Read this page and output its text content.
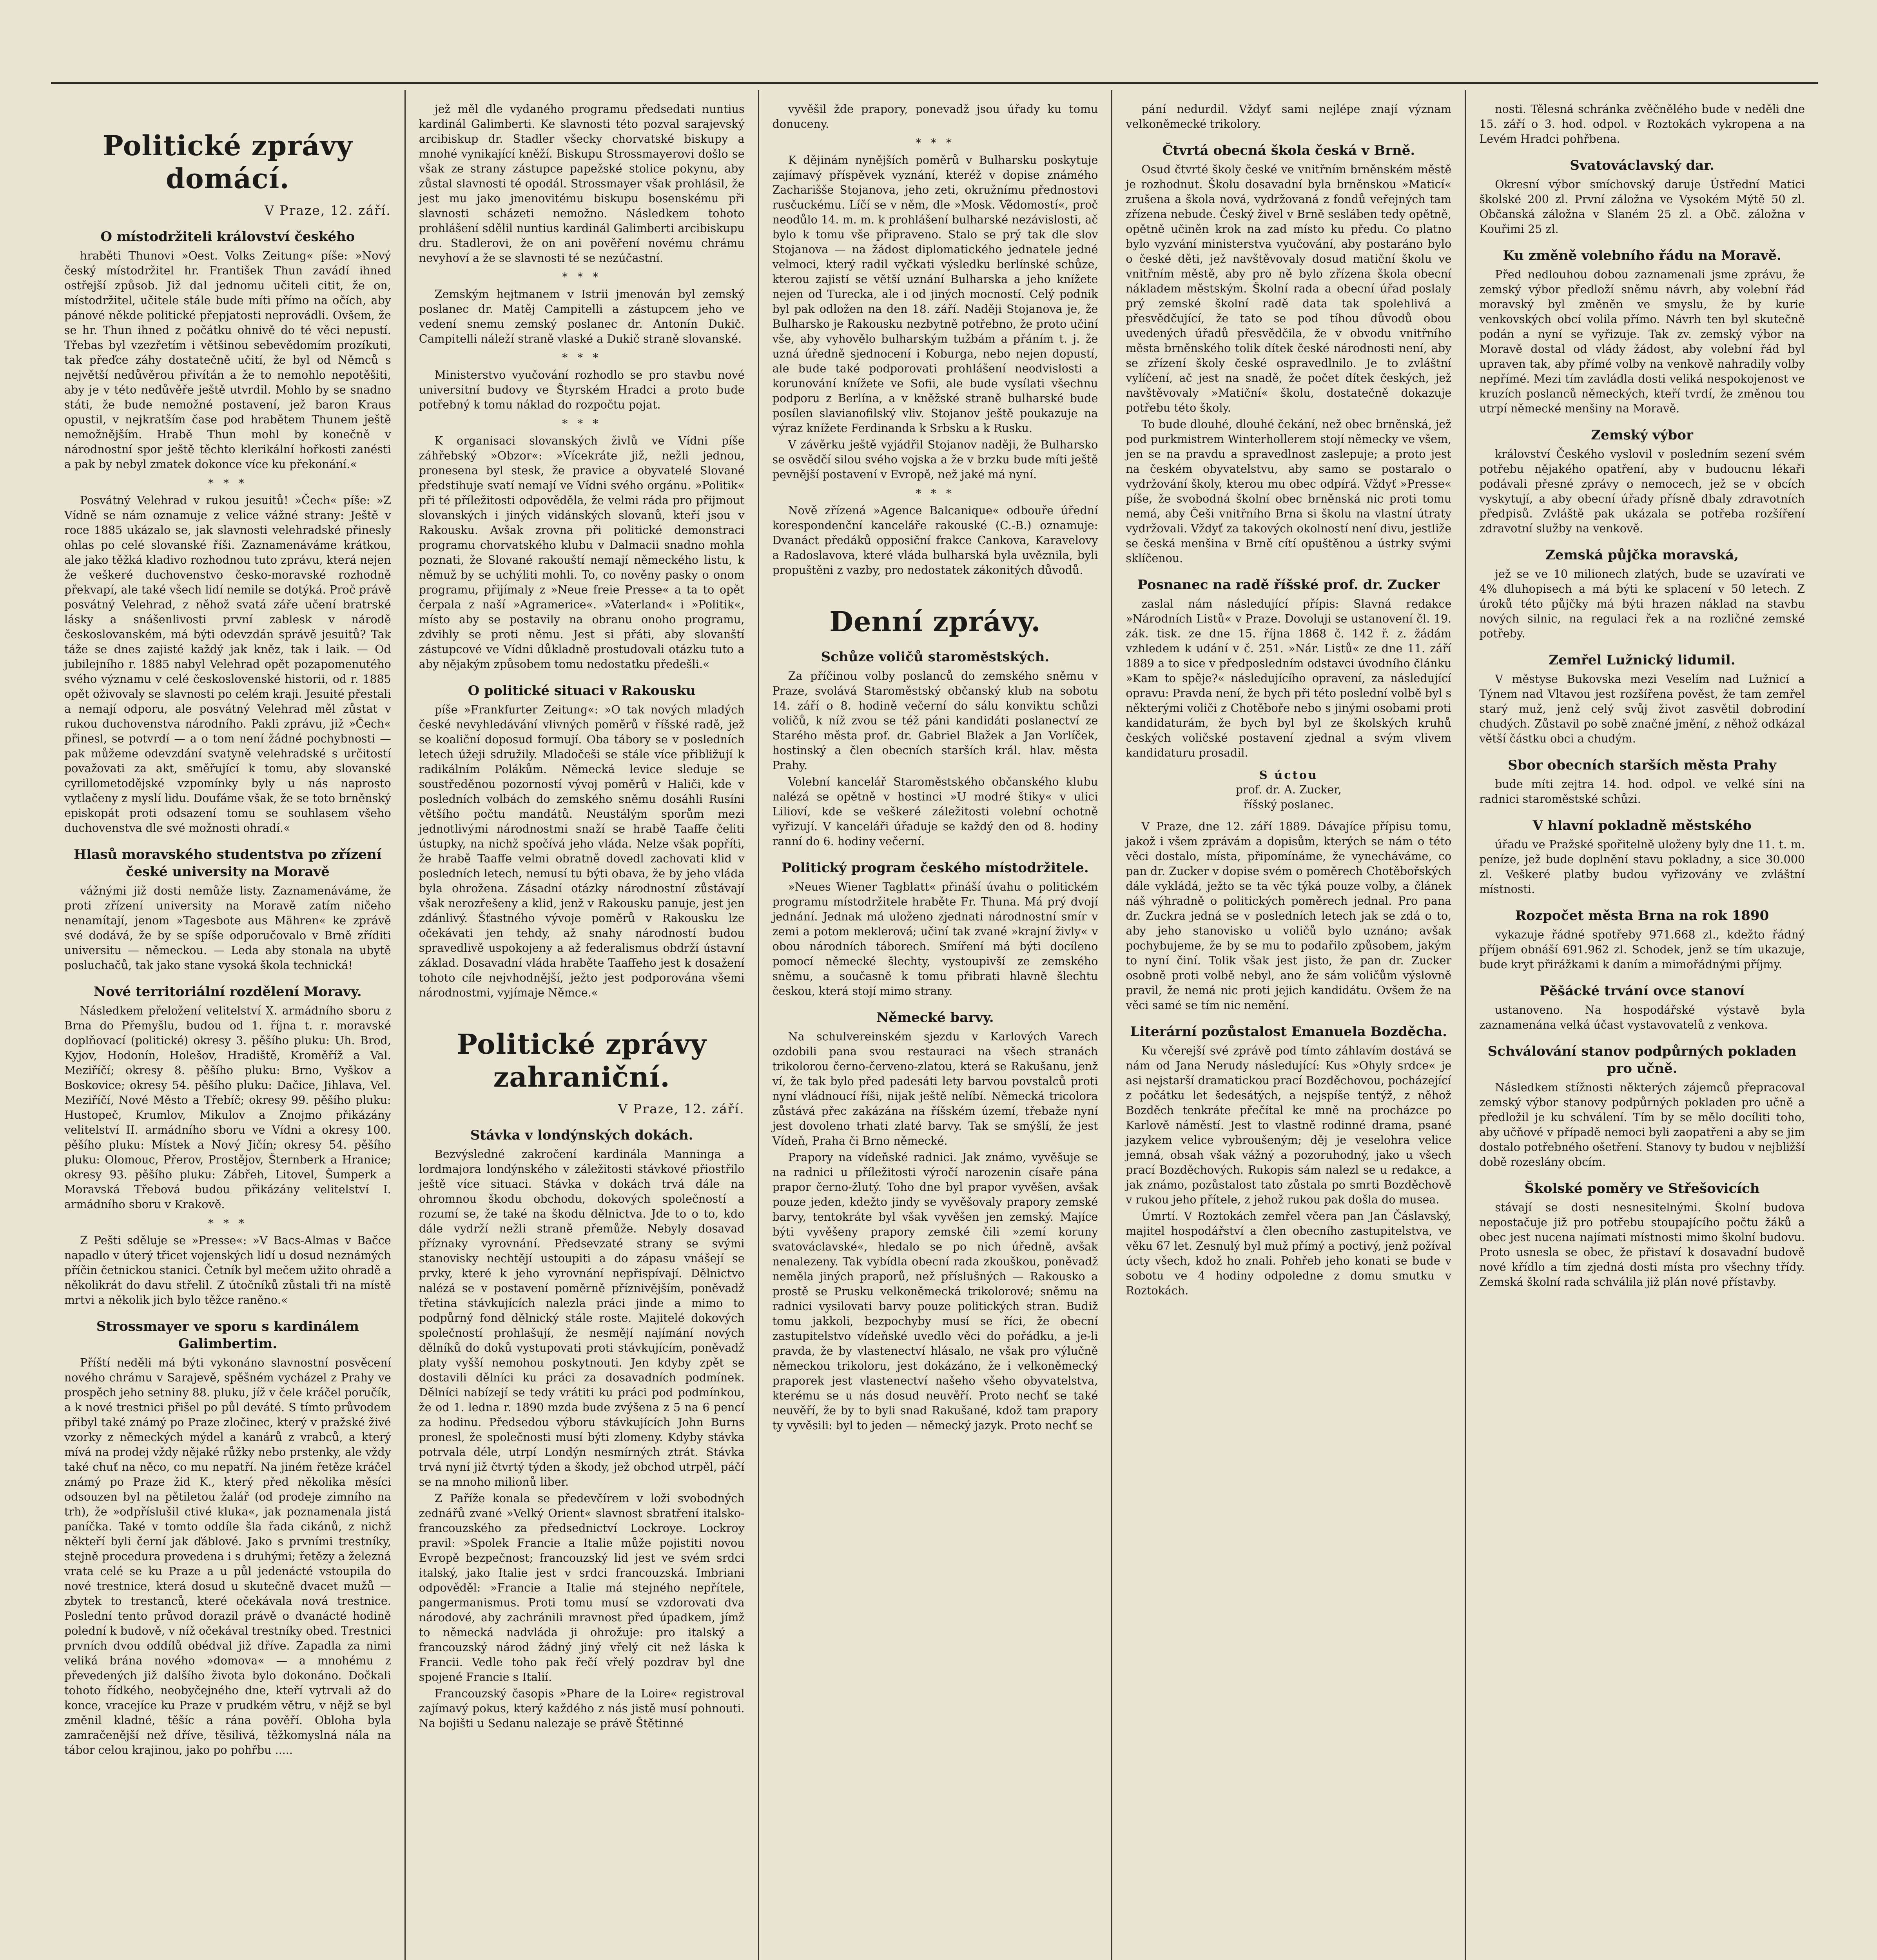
Politické zprávy domácí.
V Praze, 12. září.
O místodržiteli království českého

hraběti Thunovi »Oest. Volks Zeitung« píše: »Nový český místodržitel hr. František Thun zavádí ihned ostřejší způsob. Již dal jednomu učiteli citit, že on, místodržitel, učitele stále bude míti přímo na očích, aby pánové někde politické přepjatosti neprovádli. Ovšem, že se hr. Thun ihned z počátku ohnivě do té věci nepustí. Třebas byl vzezřetím i většinou sebevědomím prozíkuti, tak přeďce záhy dostatečně učití, že byl od Němců s největší nedůvěrou přivítán a že to nemohlo nepotěšiti, aby je v této nedůvěře ještě utvrdil. Mohlo by se snadno státi, že bude nemožné postavení, jež baron Kraus opustil, v nejkratším čase pod hrabětem Thunem ještě nemožnějším. Hrabě Thun mohl by konečně v národnostní spor ještě těchto klerikální hořkosti zanésti a pak by nebyl zmatek dokonce více ku překonání.«

* * *

Posvátný Velehrad v rukou jesuitů! »Čech« píše: »Z Vídně se nám oznamuje z velice vážné strany: Ještě v roce 1885 ukázalo se, jak slavnosti velehradské přinesly ohlas po celé slovanské říši. Zaznamenáváme krátkou, ale jako těžká kladivo rozhodnou tuto zprávu, která nejen že veškeré duchovenstvo česko-moravské rozhodně překvapí, ale také všech lidí nemile se dotýká. Proč právě posvátný Velehrad, z něhož svatá záře učení bratrské lásky a snášenlivosti první zablesk v národě českoslovanském, má býti odevzdán správě jesuitů? Tak táže se dnes zajisté každý jak kněz, tak i laik. — Od jubilejního r. 1885 nabyl Velehrad opět pozapomenutého svého významu v celé československé historii, od r. 1885 opět oživovaly se slavnosti po celém kraji. Jesuité přestali a nemají odporu, ale posvátný Velehrad měl zůstat v rukou duchovenstva národního. Pakli zprávu, již »Čech« přinesl, se potvrdí — a o tom není žádné pochybnosti — pak můžeme odevzdání svatyně velehradské s určitostí považovati za akt, směřující k tomu, aby slovanské cyrillometodějské vzpomínky byly u nás naprosto vytlačeny z myslí lidu. Doufáme však, že se toto brněnský episkopát proti odsazení tomu se souhlasem všeho duchovenstva dle své možnosti ohradí.«

Hlasů moravského studentstva po zřízení české university na Moravě

vážnými již dosti nemůže listy. Zaznamenáváme, že proti zřízení university na Moravě zatím ničeho nenamítají, jenom »Tagesbote aus Mähren« ke zprávě své dodává, že by se spíše odporučovalo v Brně zříditi universitu — německou. — Leda aby stonala na ubytě posluchačů, tak jako stane vysoká škola technická!

Nové territoriální rozdělení Moravy.

Následkem přeložení velitelství X. armádního sboru z Brna do Přemyšlu, budou od 1. října t. r. moravské doplňovací (politické) okresy 3. pěšího pluku: Uh. Brod, Kyjov, Hodonín, Holešov, Hradiště, Kroměříž a Val. Meziříčí; okresy 8. pěšího pluku: Brno, Vyškov a Boskovice; okresy 54. pěšího pluku: Dačice, Jihlava, Vel. Meziříčí, Nové Město a Třebíč; okresy 99. pěšího pluku: Hustopeč, Krumlov, Mikulov a Znojmo přikázány velitelství II. armádního sboru ve Vídni a okresy 100. pěšího pluku: Místek a Nový Jičín; okresy 54. pěšího pluku: Olomouc, Přerov, Prostějov, Šternberk a Hranice; okresy 93. pěšího pluku: Zábřeh, Litovel, Šumperk a Moravská Třebová budou přikázány velitelství I. armádního sboru v Krakově.

* * *

Z Pešti sděluje se »Presse«: »V Bacs-Almas v Bačce napadlo v úterý třicet vojenských lidí u dosud neznámých příčin četnickou stanici. Četník byl mečem užito ohradě a několikrát do davu střelil. Z útočníků zůstali tři na místě mrtvi a několik jich bylo těžce raněno.«

Strossmayer ve sporu s kardinálem Galimbertim.

Příští neděli má býti vykonáno slavnostní posvěcení nového chrámu v Sarajevě, spěšném vycházel z Prahy ve prospěch jeho setniny 88. pluku, jíž v čele kráčel poručík, a k nové trestnici přišel po půl deváté. S tímto průvodem přibyl také známý po Praze zločinec, který v pražské živé vzorky z německých mýdel a kanárů z vrabců, a který mívá na prodej vždy nějaké růžky nebo prstenky, ale vždy také chuť na něco, co mu nepatří. Na jiném řetěze kráčel známý po Praze žid K., který před několika měsíci odsouzen byl na pětiletou žalář (od prodeje zimního na trh), že »odpříslušil ctivé kluka«, jak poznamenala jistá paníčka. Také v tomto oddíle šla řada cikánů, z nichž někteří byli černí jak ďáblové. Jako s prvními trestníky, stejně procedura provedena i s druhými; řetězy a železná vrata celé se ku Praze a u půl jedenácté vstoupila do nové trestnice, která dosud u skutečně dvacet mužů — zbytek to trestanců, které očekávala nová trestnice. Poslední tento průvod dorazil právě o dvanácté hodině polední k budově, v níž očekával trestníky obed. Trestnici prvních dvou oddílů obédval již dříve. Zapadla za nimi veliká brána nového »domova« — a mnohému z převedených již dalšího života bylo dokonáno. Dočkali tohoto řídkého, neobyčejného dne, kteří vytrvali až do konce, vracejíce ku Praze v prudkém větru, v nějž se byl změnil kladné, těšíc a rána pověří. Obloha byla zamračenější než dříve, těsilivá, těžkomyslná nála na tábor celou krajinou, jako po pohřbu .....

jež měl dle vydaného programu předsedati nuntius kardinál Galimberti. Ke slavnosti této pozval sarajevský arcibiskup dr. Stadler všecky chorvatské biskupy a mnohé vynikající kněží. Biskupu Strossmayerovi došlo se však ze strany zástupce papežské stolice pokynu, aby zůstal slavnosti té opodál. Strossmayer však prohlásil, že jest mu jako jmenovitému biskupu bosenskému při slavnosti scházeti nemožno. Následkem tohoto prohlášení sdělil nuntius kardinál Galimberti arcibiskupu dru. Stadlerovi, že on ani pověření novému chrámu nevyhoví a že se slavnosti té se nezúčastní.

* * *

Zemským hejtmanem v Istrii jmenován byl zemský poslanec dr. Matěj Campitelli a zástupcem jeho ve vedení snemu zemský poslanec dr. Antonín Dukič. Campitelli náleží straně vlaské a Dukič straně slovanské.

* * *

Ministerstvo vyučování rozhodlo se pro stavbu nové universitní budovy ve Štyrském Hradci a proto bude potřebný k tomu náklad do rozpočtu pojat.

* * *

K organisaci slovanských živlů ve Vídni píše záhřebský »Obzor«: »Vícekráte již, nežli jednou, pronesena byl stesk, že pravice a obyvatelé Slované předstihuje svatí nemají ve Vídni svého orgánu. »Politik« při té příležitosti odpověděla, že velmi ráda pro přijmout slovanských i jiných vidánských slovanů, kteří jsou v Rakousku. Avšak zrovna při politické demonstraci programu chorvatského klubu v Dalmacii snadno mohla poznati, že Slované rakouští nemají německého listu, k němuž by se uchýliti mohli. To, co nověny pasky o onom programu, přijímaly z »Neue freie Presse« a ta to opět čerpala z naší »Agramerice«. »Vaterland« i »Politik«, místo aby se postavily na obranu onoho programu, zdvihly se proti němu. Jest si přáti, aby slovanští zástupcové ve Vídni důkladně prostudovali otázku tuto a aby nějakým způsobem tomu nedostatku předešli.«

O politické situaci v Rakousku

píše »Frankfurter Zeitung«: »O tak nových mladých české nevyhledávání vlivných poměrů v říšské radě, jež se koaliční doposud formují. Oba tábory se v posledních letech úžeji sdružily. Mladočeši se stále více přibližují k radikálním Polákům. Německá levice sleduje se soustředěnou pozorností vývoj poměrů v Haliči, kde v posledních volbách do zemského sněmu dosáhli Rusíni většího počtu mandátů. Neustálým sporům mezi jednotlivými národnostmi snaží se hrabě Taaffe čeliti ústupky, na nichž spočívá jeho vláda. Nelze však popříti, že hrabě Taaffe velmi obratně dovedl zachovati klid v posledních letech, nemusí tu býti obava, že by jeho vláda byla ohrožena. Zásadní otázky národnostní zůstávají však nerozřešeny a klid, jenž v Rakousku panuje, jest jen zdánlivý. Šťastného vývoje poměrů v Rakousku lze očekávati jen tehdy, až snahy národností budou spravedlivě uspokojeny a až federalismus obdrží ústavní základ. Dosavadní vláda hraběte Taaffeho jest k dosažení tohoto cíle nejvhodnější, ježto jest podporována všemi národnostmi, vyjímaje Němce.«

Politické zprávy zahraniční.
V Praze, 12. září.
Stávka v londýnských dokách.

Bezvýsledné zakročení kardinála Manninga a lordmajora londýnského v záležitosti stávkové přiostřilo ještě více situaci. Stávka v dokách trvá dále na ohromnou škodu obchodu, dokových společností a rozumí se, že také na škodu dělnictva. Jde to o to, kdo dále vydrží nežli straně přemůže. Nebyly dosavad příznaky vyrovnání. Předsevzaté strany se svými stanovisky nechtějí ustoupiti a do zápasu vnášejí se prvky, které k jeho vyrovnání nepřispívají. Dělnictvo nalézá se v postavení poměrně příznivějším, poněvadž třetina stávkujících nalezla práci jinde a mimo to podpůrný fond dělnický stále roste. Majitelé dokových společností prohlašují, že nesmějí najímání nových dělníků do doků vystupovati proti stávkujícím, poněvadž platy vyšší nemohou poskytnouti. Jen kdyby zpět se dostavili dělníci ku práci za dosavadních podmínek. Dělníci nabízejí se tedy vrátiti ku práci pod podmínkou, že od 1. ledna r. 1890 mzda bude zvýšena z 5 na 6 pencí za hodinu. Předsedou výboru stávkujících John Burns pronesl, že společnosti musí býti zlomeny. Kdyby stávka potrvala déle, utrpí Londýn nesmírných ztrát. Stávka trvá nyní již čtvrtý týden a škody, jež obchod utrpěl, páčí se na mnoho milionů liber.

Z Paříže konala se předevčírem v loži svobodných zednářů zvané »Velký Orient« slavnost sbratření italsko-francouzského za předsednictví Lockroye. Lockroy pravil: »Spolek Francie a Italie může pojistiti novou Evropě bezpečnost; francouzský lid jest ve svém srdci italský, jako Italie jest v srdci francouzská. Imbriani odpověděl: »Francie a Italie má stejného nepřítele, pangermanismus. Proti tomu musí se vzdorovati dva národové, aby zachránili mravnost před úpadkem, jímž to německá nadvláda ji ohrožuje: pro italský a francouzský národ žádný jiný vřelý cit než láska k Francii. Vedle toho pak řečí vřelý pozdrav byl dne spojené Francie s Italií.

Francouzský časopis »Phare de la Loire« registroval zajímavý pokus, který každého z nás jistě musí pohnouti. Na bojišti u Sedanu nalezaje se právě Štětinné

vyvěšil žde prapory, ponevadž jsou úřady ku tomu donuceny.

* * *

K dějinám nynějších poměrů v Bulharsku poskytuje zajímavý příspěvek vyznání, kteréž v dopise známého Zacharišše Stojanova, jeho zeti, okružnímu přednostovi rusčuckému. Líčí se v něm, dle »Mosk. Vědomostí«, proč neodůlo 14. m. m. k prohlášení bulharské nezávislosti, ač bylo k tomu vše připraveno. Stalo se prý tak dle slov Stojanova — na žádost diplomatického jednatele jedné velmoci, který radil vyčkati výsledku berlínské schůze, kterou zajistí se větší uznání Bulharska a jeho knížete nejen od Turecka, ale i od jiných mocností. Celý podnik byl pak odložen na den 18. září. Naději Stojanova je, že Bulharsko je Rakousku nezbytně potřebno, že proto učiní vše, aby vyhovělo bulharským tužbám a přáním t. j. že uzná úředně sjednocení i Koburga, nebo nejen dopustí, ale bude také podporovati prohlášení neodvislosti a korunování knížete ve Sofii, ale bude vysílati všechnu podporu z Berlína, a v kněžské straně bulharské bude posílen slavianofilský vliv. Stojanov ještě poukazuje na výraz knížete Ferdinanda k Srbsku a k Rusku.

V závěrku ještě vyjádřil Stojanov naději, že Bulharsko se osvědčí silou svého vojska a že v brzku bude míti ještě pevnější postavení v Evropě, než jaké má nyní.

* * *

Nově zřízená »Agence Balcanique« odbouře úřední korespondenční kanceláře rakouské (C.-B.) oznamuje: Dvanáct předáků opposiční frakce Cankova, Karavelovy a Radoslavova, které vláda bulharská byla uvěznila, byli propuštěni z vazby, pro nedostatek zákonitých důvodů.

Denní zprávy.
Schůze voličů staroměstských.

Za příčinou volby poslanců do zemského sněmu v Praze, svolává Staroměstský občanský klub na sobotu 14. září o 8. hodině večerní do sálu konviktu schůzi voličů, k níž zvou se též páni kandidáti poslanectví ze Starého města prof. dr. Gabriel Blažek a Jan Vorlíček, hostinský a člen obecních starších král. hlav. města Prahy.

Volební kancelář Staroměstského občanského klubu nalézá se opětně v hostinci »U modré štiky« v ulici Lilioví, kde se veškeré záležitosti volební ochotně vyřizují. V kanceláři úřaduje se každý den od 8. hodiny ranní do 6. hodiny večerní.

Politický program českého místodržitele.

»Neues Wiener Tagblatt« přináší úvahu o politickém programu místodržitele hraběte Fr. Thuna. Má prý dvojí jednání. Jednak má uloženo zjednati národnostní smír v zemi a potom meklerová; učiní tak zvané »krajní živly« v obou národních táborech. Smíření má býti docíleno pomocí německé šlechty, vystoupivší ze zemského sněmu, a současně k tomu přibrati hlavně šlechtu českou, která stojí mimo strany.

Německé barvy.

Na schulvereinském sjezdu v Karlových Varech ozdobili pana svou restauraci na všech stranách trikolorou černo-červeno-zlatou, která se Rakušanu, jenž ví, že tak bylo před padesáti lety barvou povstalců proti nyní vládnoucí říši, nijak ještě nelíbí. Německá tricolora zůstává přec zakázána na říšském území, třebaže nyní jest dovoleno trhati zlaté barvy. Tak se smýšlí, že jest Vídeň, Praha či Brno německé.

Prapory na vídeňské radnici. Jak známo, vyvěšuje se na radnici u příležitosti výročí narozenin císaře pána prapor černo-žlutý. Toho dne byl prapor vyvěšen, avšak pouze jeden, kdežto jindy se vyvěšovaly prapory zemské barvy, tentokráte byl však vyvěšen jen zemský. Majíce býti vyvěšeny prapory zemské čili »zemí koruny svatováclavské«, hledalo se po nich úředně, avšak nenalezeny. Tak vybídla obecní rada zkouškou, poněvadž neměla jiných praporů, než příslušných — Rakousko a prostě se Prusku velkoněmecká trikolorové; sněmu na radnici vysilovati barvy pouze politických stran. Budiž tomu jakkoli, bezpochyby musí se říci, že obecní zastupitelstvo vídeňské uvedlo věci do pořádku, a je-li pravda, že by vlastenectví hlásalo, ne však pro výlučně německou trikoloru, jest dokázáno, že i velkoněmecký praporek jest vlastenectví našeho všeho obyvatelstva, kterému se u nás dosud neuvěří. Proto nechť se také neuvěří, že by to byli snad Rakušané, kdož tam prapory ty vyvěsili: byl to jeden — německý jazyk. Proto nechť se

pání nedurdil. Vždyť sami nejlépe znají význam velkoněmecké trikolory.

Čtvrtá obecná škola česká v Brně.

Osud čtvrté školy české ve vnitřním brněnském městě je rozhodnut. Školu dosavadní byla brněnskou »Maticí« zrušena a škola nová, vydržovaná z fondů veřejných tam zřízena nebude. Český živel v Brně sesláben tedy opětně, opětně učiněn krok na zad místo ku předu. Co platno bylo vyzvání ministerstva vyučování, aby postaráno bylo o české děti, jež navštěvovaly dosud matiční školu ve vnitřním městě, aby pro ně bylo zřízena škola obecní nákladem městským. Školní rada a obecní úřad poslaly prý zemské školní radě data tak spolehlivá a přesvědčující, že tato se pod tíhou důvodů obou uvedených úřadů přesvědčila, že v obvodu vnitřního města brněnského tolik dítek české národnosti není, aby se zřízení školy české ospravedlnilo. Je to zvláštní vylíčení, ač jest na snadě, že počet dítek českých, jež navštěvovaly »Matiční« školu, dostatečně dokazuje potřebu této školy.

To bude dlouhé, dlouhé čekání, než obec brněnská, jež pod purkmistrem Winterhollerem stojí německy ve všem, jen se na pravdu a spravedlnost zaslepuje; a proto jest na českém obyvatelstvu, aby samo se postaralo o vydržování školy, kterou mu obec odpírá. Vždyť »Presse« píše, že svobodná školní obec brněnská nic proti tomu nemá, aby Češi vnitřního Brna si školu na vlastní útraty vydržovali. Vždyť za takových okolností není divu, jestliže se česká menšina v Brně cítí opuštěnou a ústrky svými sklíčenou.

Posnanec na radě říšské prof. dr. Zucker

zaslal nám následující přípis: Slavná redakce »Národních Listů« v Praze. Dovoluji se ustanovení čl. 19. zák. tisk. ze dne 15. října 1868 č. 142 ř. z. žádám vzhledem k udání v č. 251. »Nár. Listů« ze dne 11. září 1889 a to sice v předposledním odstavci úvodního článku »Kam to spěje?« následujícího opravení, za následující opravu: Pravda není, že bych při této poslední volbě byl s některými voliči z Chotěboře nebo s jinými osobami proti kandidaturám, že bych byl byl ze školských kruhů českých voličské postavení zjednal a svým vlivem kandidaturu prosadil.

S úctou
prof. dr. A. Zucker,
říšský poslanec.

V Praze, dne 12. září 1889. Dávajíce přípisu tomu, jakož i všem zprávám a dopisům, kterých se nám o této věci dostalo, místa, připomínáme, že vynecháváme, co pan dr. Zucker v dopise svém o poměrech Chotěbořských dále vykládá, ježto se ta věc týká pouze volby, a článek náš výhradně o politických poměrech jednal. Pro pana dr. Zuckra jedná se v posledních letech jak se zdá o to, aby jeho stanovisko u voličů bylo uznáno; avšak pochybujeme, že by se mu to podařilo způsobem, jakým to nyní činí. Tolik však jest jisto, že pan dr. Zucker osobně proti volbě nebyl, ano že sám voličům výslovně pravil, že nemá nic proti jejich kandidátu. Ovšem že na věci samé se tím nic nemění.

Literární pozůstalost Emanuela Bozděcha.

Ku včerejší své zprávě pod tímto záhlavím dostává se nám od Jana Nerudy následující: Kus »Ohyly srdce« je asi nejstarší dramatickou prací Bozděchovou, pocházející z počátku let šedesátých, a nejspíše tentýž, z něhož Bozděch tenkráte přečítal ke mně na procházce po Karlově náměstí. Jest to vlastně rodinné drama, psané jazykem velice vybroušeným; děj je veselohra velice jemná, obsah však vážný a pozoruhodný, jako u všech prací Bozděchových. Rukopis sám nalezl se u redakce, a jak známo, pozůstalost tato zůstala po smrti Bozděchově v rukou jeho přítele, z jehož rukou pak došla do musea.

Úmrtí. V Roztokách zemřel včera pan Jan Čáslavský, majitel hospodářství a člen obecního zastupitelstva, ve věku 67 let. Zesnulý byl muž přímý a poctivý, jenž požíval úcty všech, kdož ho znali. Pohřeb jeho konati se bude v sobotu ve 4 hodiny odpoledne z domu smutku v Roztokách.

nosti. Tělesná schránka zvěčnělého bude v neděli dne 15. září o 3. hod. odpol. v Roztokách vykropena a na Levém Hradci pohřbena.

Svatováclavský dar.

Okresní výbor smíchovský daruje Ústřední Matici školské 200 zl. První záložna ve Vysokém Mýtě 50 zl. Občanská záložna v Slaném 25 zl. a Obč. záložna v Kouřimi 25 zl.

Ku změně volebního řádu na Moravě.

Před nedlouhou dobou zaznamenali jsme zprávu, že zemský výbor předloží sněmu návrh, aby volební řád moravský byl změněn ve smyslu, že by kurie venkovských obcí volila přímo. Návrh ten byl skutečně podán a nyní se vyřizuje. Tak zv. zemský výbor na Moravě dostal od vlády žádost, aby volební řád byl upraven tak, aby přímé volby na venkově nahradily volby nepřímé. Mezi tím zavládla dosti veliká nespokojenost ve kruzích poslanců německých, kteří tvrdí, že změnou tou utrpí německé menšiny na Moravě.

Zemský výbor

království Českého vyslovil v posledním sezení svém potřebu nějakého opatření, aby v budoucnu lékaři podávali přesné zprávy o nemocech, jež se v obcích vyskytují, a aby obecní úřady přísně dbaly zdravotních předpisů. Zvláště pak ukázala se potřeba rozšíření zdravotní služby na venkově.

Zemská půjčka moravská,

jež se ve 10 milionech zlatých, bude se uzavírati ve 4% dluhopisech a má býti ke splacení v 50 letech. Z úroků této půjčky má býti hrazen náklad na stavbu nových silnic, na regulaci řek a na rozličné zemské potřeby.

Zemřel Lužnický lidumil.

V městyse Bukovska mezi Veselím nad Lužnicí a Týnem nad Vltavou jest rozšířena pověst, že tam zemřel starý muž, jenž celý svůj život zasvětil dobrodiní chudých. Zůstavil po sobě značné jmění, z něhož odkázal větší částku obci a chudým.

Sbor obecních starších města Prahy

bude míti zejtra 14. hod. odpol. ve velké síni na radnici staroměstské schůzi.

V hlavní pokladně městského

úřadu ve Pražské spořitelně uloženy byly dne 11. t. m. peníze, jež bude doplnění stavu pokladny, a sice 30.000 zl. Veškeré platby budou vyřizovány ve zvláštní místnosti.

Rozpočet města Brna na rok 1890

vykazuje řádné spotřeby 971.668 zl., kdežto řádný příjem obnáší 691.962 zl. Schodek, jenž se tím ukazuje, bude kryt přirážkami k daním a mimořádnými příjmy.

Pěšácké trvání ovce stanoví

ustanoveno. Na hospodářské výstavě byla zaznamenána velká účast vystavovatelů z venkova.

Schválování stanov podpůrných pokladen pro učně.

Následkem stížnosti některých zájemců přepracoval zemský výbor stanovy podpůrných pokladen pro učně a předložil je ku schválení. Tím by se mělo docíliti toho, aby učňové v případě nemoci byli zaopatřeni a aby se jim dostalo potřebného ošetření. Stanovy ty budou v nejbližší době rozeslány obcím.

Školské poměry ve Střešovicích

stávají se dosti nesnesitelnými. Školní budova nepostačuje již pro potřebu stoupajícího počtu žáků a obec jest nucena najímati místnosti mimo školní budovu. Proto usnesla se obec, že přistaví k dosavadní budově nové křídlo a tím zjedná dosti místa pro všechny třídy. Zemská školní rada schválila již plán nové přístavby.
